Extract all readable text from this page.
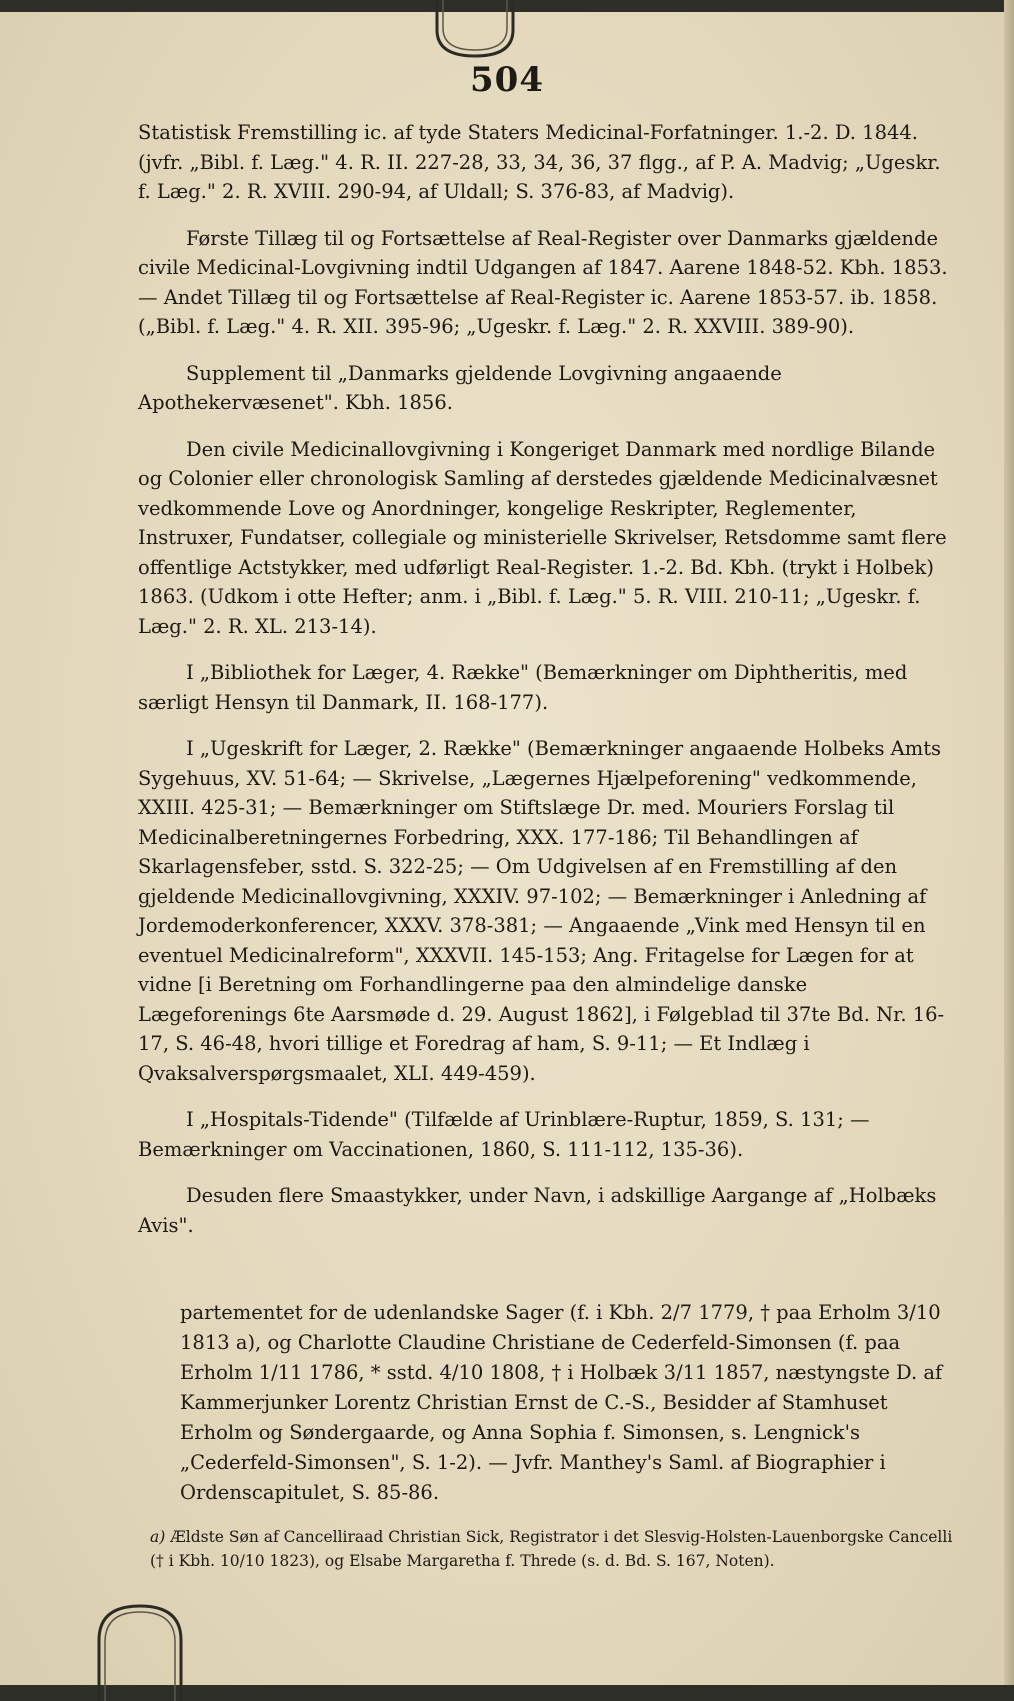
504

Statistisk Fremstilling ic. af tyde Staters Medicinal-Forfatninger. 1.-2. D. 1844. (jvfr. „Bibl. f. Læg." 4. R. II. 227-28, 33, 34, 36, 37 flgg., af P. A. Madvig; „Ugeskr. f. Læg." 2. R. XVIII. 290-94, af Uldall; S. 376-83, af Madvig).

Første Tillæg til og Fortsættelse af Real-Register over Danmarks gjældende civile Medicinal-Lovgivning indtil Udgangen af 1847. Aarene 1848-52. Kbh. 1853. — Andet Tillæg til og Fortsættelse af Real-Register ic. Aarene 1853-57. ib. 1858. („Bibl. f. Læg." 4. R. XII. 395-96; „Ugeskr. f. Læg." 2. R. XXVIII. 389-90).

Supplement til „Danmarks gjeldende Lovgivning angaaende Apothekervæsenet". Kbh. 1856.

Den civile Medicinallovgivning i Kongeriget Danmark med nordlige Bilande og Colonier eller chronologisk Samling af derstedes gjældende Medicinalvæsnet vedkommende Love og Anordninger, kongelige Reskripter, Reglementer, Instruxer, Fundatser, collegiale og ministerielle Skrivelser, Retsdomme samt flere offentlige Actstykker, med udførligt Real-Register. 1.-2. Bd. Kbh. (trykt i Holbek) 1863. (Udkom i otte Hefter; anm. i „Bibl. f. Læg." 5. R. VIII. 210-11; „Ugeskr. f. Læg." 2. R. XL. 213-14).

I „Bibliothek for Læger, 4. Række" (Bemærkninger om Diphtheritis, med særligt Hensyn til Danmark, II. 168-177).

I „Ugeskrift for Læger, 2. Række" (Bemærkninger angaaende Holbeks Amts Sygehuus, XV. 51-64; — Skrivelse, „Lægernes Hjælpeforening" vedkommende, XXIII. 425-31; — Bemærkninger om Stiftslæge Dr. med. Mouriers Forslag til Medicinalberetningernes Forbedring, XXX. 177-186; Til Behandlingen af Skarlagensfeber, sstd. S. 322-25; — Om Udgivelsen af en Fremstilling af den gjeldende Medicinallovgivning, XXXIV. 97-102; — Bemærkninger i Anledning af Jordemoderkonferencer, XXXV. 378-381; — Angaaende „Vink med Hensyn til en eventuel Medicinalreform", XXXVII. 145-153; Ang. Fritagelse for Lægen for at vidne [i Beretning om Forhandlingerne paa den almindelige danske Lægeforenings 6te Aarsmøde d. 29. August 1862], i Følgeblad til 37te Bd. Nr. 16-17, S. 46-48, hvori tillige et Foredrag af ham, S. 9-11; — Et Indlæg i Qvaksalverspørgsmaalet, XLI. 449-459).

I „Hospitals-Tidende" (Tilfælde af Urinblære-Ruptur, 1859, S. 131; — Bemærkninger om Vaccinationen, 1860, S. 111-112, 135-36).

Desuden flere Smaastykker, under Navn, i adskillige Aargange af „Holbæks Avis".

partementet for de udenlandske Sager (f. i Kbh. 2/7 1779, † paa Erholm 3/10 1813 a), og Charlotte Claudine Christiane de Cederfeld-Simonsen (f. paa Erholm 1/11 1786, * sstd. 4/10 1808, † i Holbæk 3/11 1857, næstyngste D. af Kammerjunker Lorentz Christian Ernst de C.-S., Besidder af Stamhuset Erholm og Søndergaarde, og Anna Sophia f. Simonsen, s. Lengnick's „Cederfeld-Simonsen", S. 1-2). — Jvfr. Manthey's Saml. af Biographier i Ordenscapitulet, S. 85-86.

a) Ældste Søn af Cancelliraad Christian Sick, Registrator i det Slesvig-Holsten-Lauenborgske Cancelli († i Kbh. 10/10 1823), og Elsabe Margaretha f. Threde (s. d. Bd. S. 167, Noten).
